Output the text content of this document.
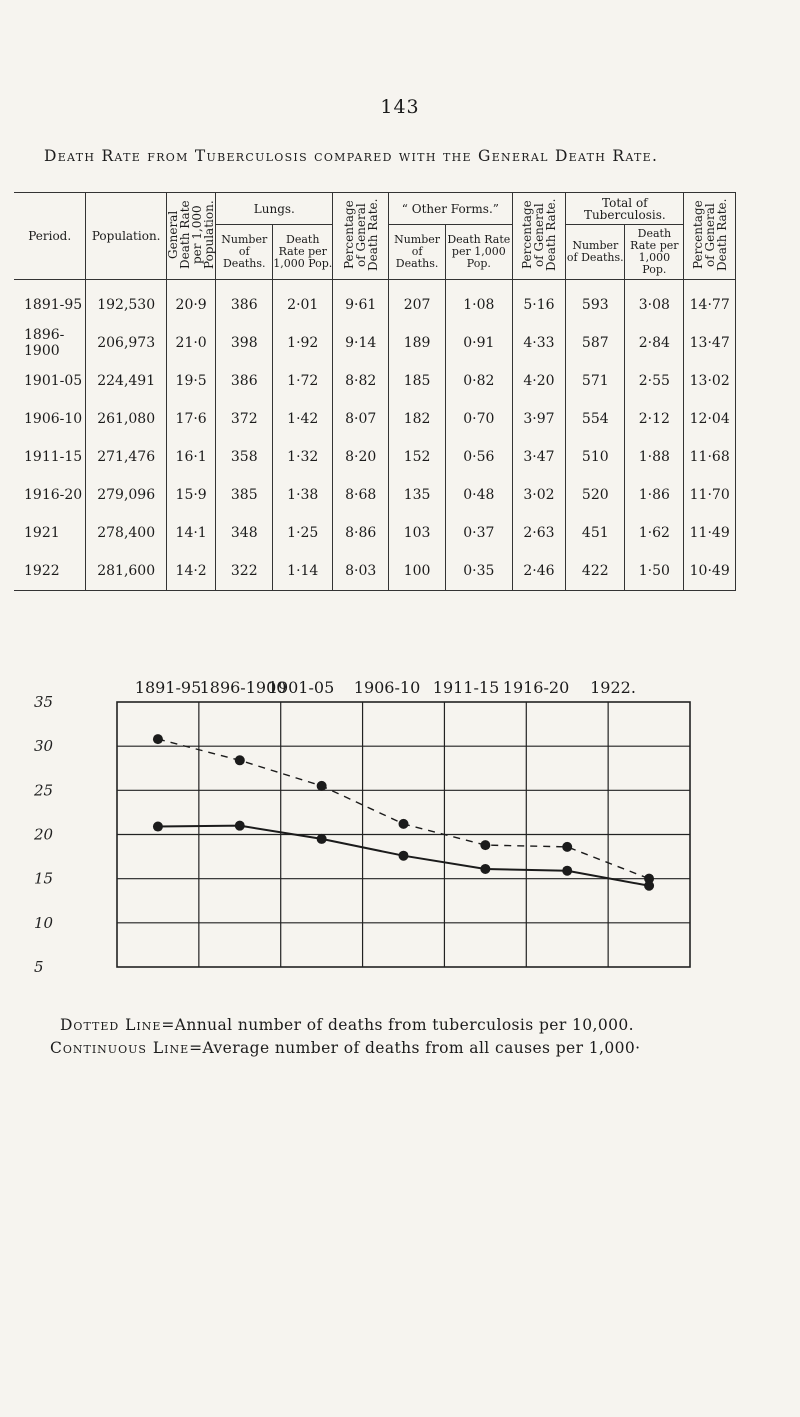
143
Death Rate from Tuberculosis compared with the General Death Rate.
Period.	Population.	General Death Rate per 1,000 Population.	Lungs.		Percentage of General Death Rate.	“ Other Forms.”		Percentage of General Death Rate.	Total of Tuberculosis.		Percentage of General Death Rate.
			Number of Deaths.	Death Rate per 1,000 Pop.		Number of Deaths.	Death Rate per 1,000 Pop.		Number of Deaths.	Death Rate per 1,000 Pop.	
1891-95	192,530	20·9	386	2·01	9·61	207	1·08	5·16	593	3·08	14·77
1896-1900	206,973	21·0	398	1·92	9·14	189	0·91	4·33	587	2·84	13·47
1901-05	224,491	19·5	386	1·72	8·82	185	0·82	4·20	571	2·55	13·02
1906-10	261,080	17·6	372	1·42	8·07	182	0·70	3·97	554	2·12	12·04
1911-15	271,476	16·1	358	1·32	8·20	152	0·56	3·47	510	1·88	11·68
1916-20	279,096	15·9	385	1·38	8·68	135	0·48	3·02	520	1·86	11·70
1921	278,400	14·1	348	1·25	8·86	103	0·37	2·63	451	1·62	11·49
1922	281,600	14·2	322	1·14	8·03	100	0·35	2·46	422	1·50	10·49
1891-95
1896-1900
1901-05 1906-10 1911-15 1916-20 1922.
35
30
25
20
15
10
5
Dotted Line=Annual number of deaths from tuberculosis per 10,000.
Continuous Line=Average number of deaths from all causes per 1,000·
